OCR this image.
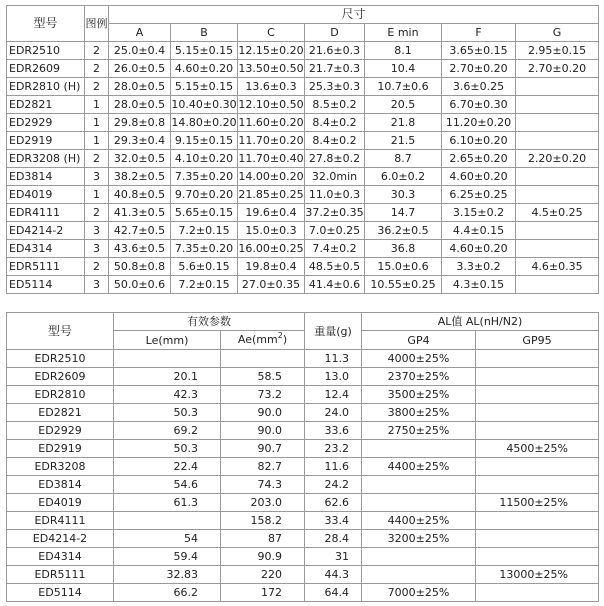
型号	图例	尺寸						
		A	B	C	D	E min	F	G
EDR2510	2	25.0±0.4	5.15±0.15	12.15±0.20	21.6±0.3	8.1	3.65±0.15	2.95±0.15
EDR2609	2	26.0±0.5	4.60±0.20	13.50±0.50	21.7±0.3	10.4	2.70±0.20	2.70±0.20
EDR2810 (H)	2	28.0±0.5	5.15±0.15	13.6±0.3	25.3±0.3	10.7±0.6	3.6±0.25	
ED2821	1	28.0±0.5	10.40±0.30	12.10±0.50	8.5±0.2	20.5	6.70±0.30	
ED2929	1	29.8±0.8	14.80±0.20	11.60±0.20	8.4±0.2	21.8	11.20±0.20	
ED2919	1	29.3±0.4	9.15±0.15	11.70±0.20	8.4±0.2	21.5	6.10±0.20	
EDR3208 (H)	2	32.0±0.5	4.10±0.20	11.70±0.40	27.8±0.2	8.7	2.65±0.20	2.20±0.20
ED3814	3	38.2±0.5	7.35±0.20	14.00±0.20	32.0min	6.0±0.2	4.60±0.20	
ED4019	1	40.8±0.5	9.70±0.20	21.85±0.25	11.0±0.3	30.3	6.25±0.25	
EDR4111	2	41.3±0.5	5.65±0.15	19.6±0.4	37.2±0.35	14.7	3.15±0.2	4.5±0.25
ED4214-2	3	42.7±0.5	7.2±0.15	15.0±0.3	7.0±0.25	36.2±0.5	4.4±0.15	
ED4314	3	43.6±0.5	7.35±0.20	16.00±0.25	7.4±0.2	36.8	4.60±0.20	
EDR5111	2	50.8±0.8	5.6±0.15	19.8±0.4	48.5±0.5	15.0±0.6	3.3±0.2	4.6±0.35
ED5114	3	50.0±0.6	7.2±0.15	27.0±0.35	41.4±0.6	10.55±0.25	4.3±0.15	
型号	有效参数		重量(g)	AL值 AL(nH/N2)	
	Le(mm)	$Ae(mm^2)$		GP4	GP95
EDR2510			11.3	4000±25%	
EDR2609	20.1	58.5	13.0	2370±25%	
EDR2810	42.3	73.2	12.4	3500±25%	
ED2821	50.3	90.0	24.0	3800±25%	
ED2929	69.2	90.0	33.6	2750±25%	
ED2919	50.3	90.7	23.2		4500±25%
EDR3208	22.4	82.7	11.6	4400±25%	
ED3814	54.6	74.3	24.2		
ED4019	61.3	203.0	62.6		11500±25%
EDR4111		158.2	33.4	4400±25%	
ED4214-2	54	87	28.4	3200±25%	
ED4314	59.4	90.9	31		
EDR5111	32.83	220	44.3		13000±25%
ED5114	66.2	172	64.4	7000±25%	
